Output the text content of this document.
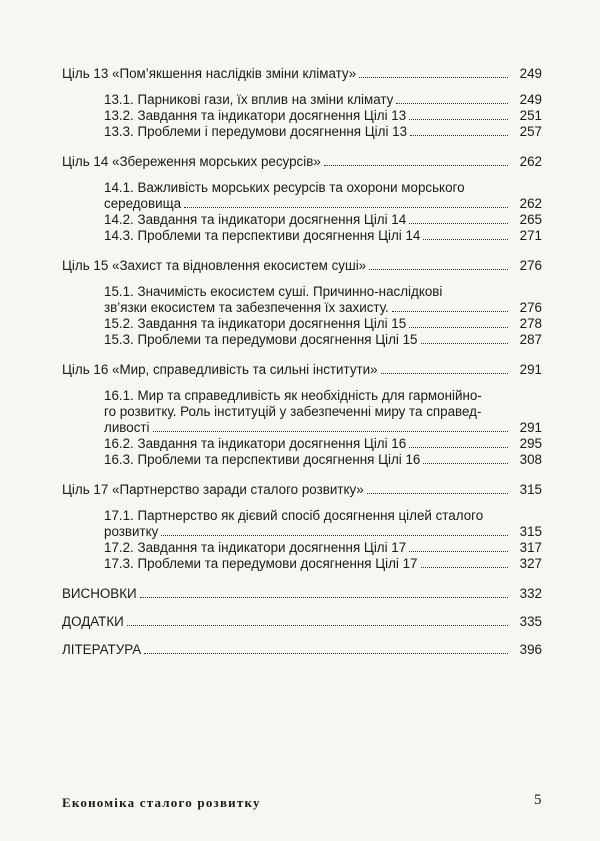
Ціль 13 «Пом’якшення наслідків зміни клімату»	249
13.1. Парникові гази, їх вплив на зміни клімату	249
13.2. Завдання та індикатори досягнення Цілі 13	251
13.3. Проблеми і передумови досягнення Цілі 13	257
Ціль 14 «Збереження морських ресурсів»	262
14.1. Важливість морських ресурсів та охорони морського
середовища	262
14.2. Завдання та індикатори досягнення Цілі 14	265
14.3. Проблеми та перспективи досягнення Цілі 14	271
Ціль 15 «Захист та відновлення екосистем суші»	276
15.1. Значимість екосистем суші. Причинно-наслідкові
зв’язки екосистем та забезпечення їх захисту.	276
15.2. Завдання та індикатори досягнення Цілі 15	278
15.3. Проблеми та передумови досягнення Цілі 15	287
Ціль 16 «Мир, справедливість та сильні інститути»	291
16.1. Мир та справедливість як необхідність для гармонійно-
го розвитку. Роль інституцій у забезпеченні миру та справед-
ливості	291
16.2. Завдання та індикатори досягнення Цілі 16	295
16.3. Проблеми та перспективи досягнення Цілі 16	308
Ціль 17 «Партнерство заради сталого розвитку»	315
17.1. Партнерство як дієвий спосіб досягнення цілей сталого
розвитку	315
17.2. Завдання та індикатори досягнення Цілі 17	317
17.3. Проблеми та передумови досягнення Цілі 17	327
ВИСНОВКИ	332
ДОДАТКИ	335
ЛІТЕРАТУРА	396
Економіка сталого розвитку	5
